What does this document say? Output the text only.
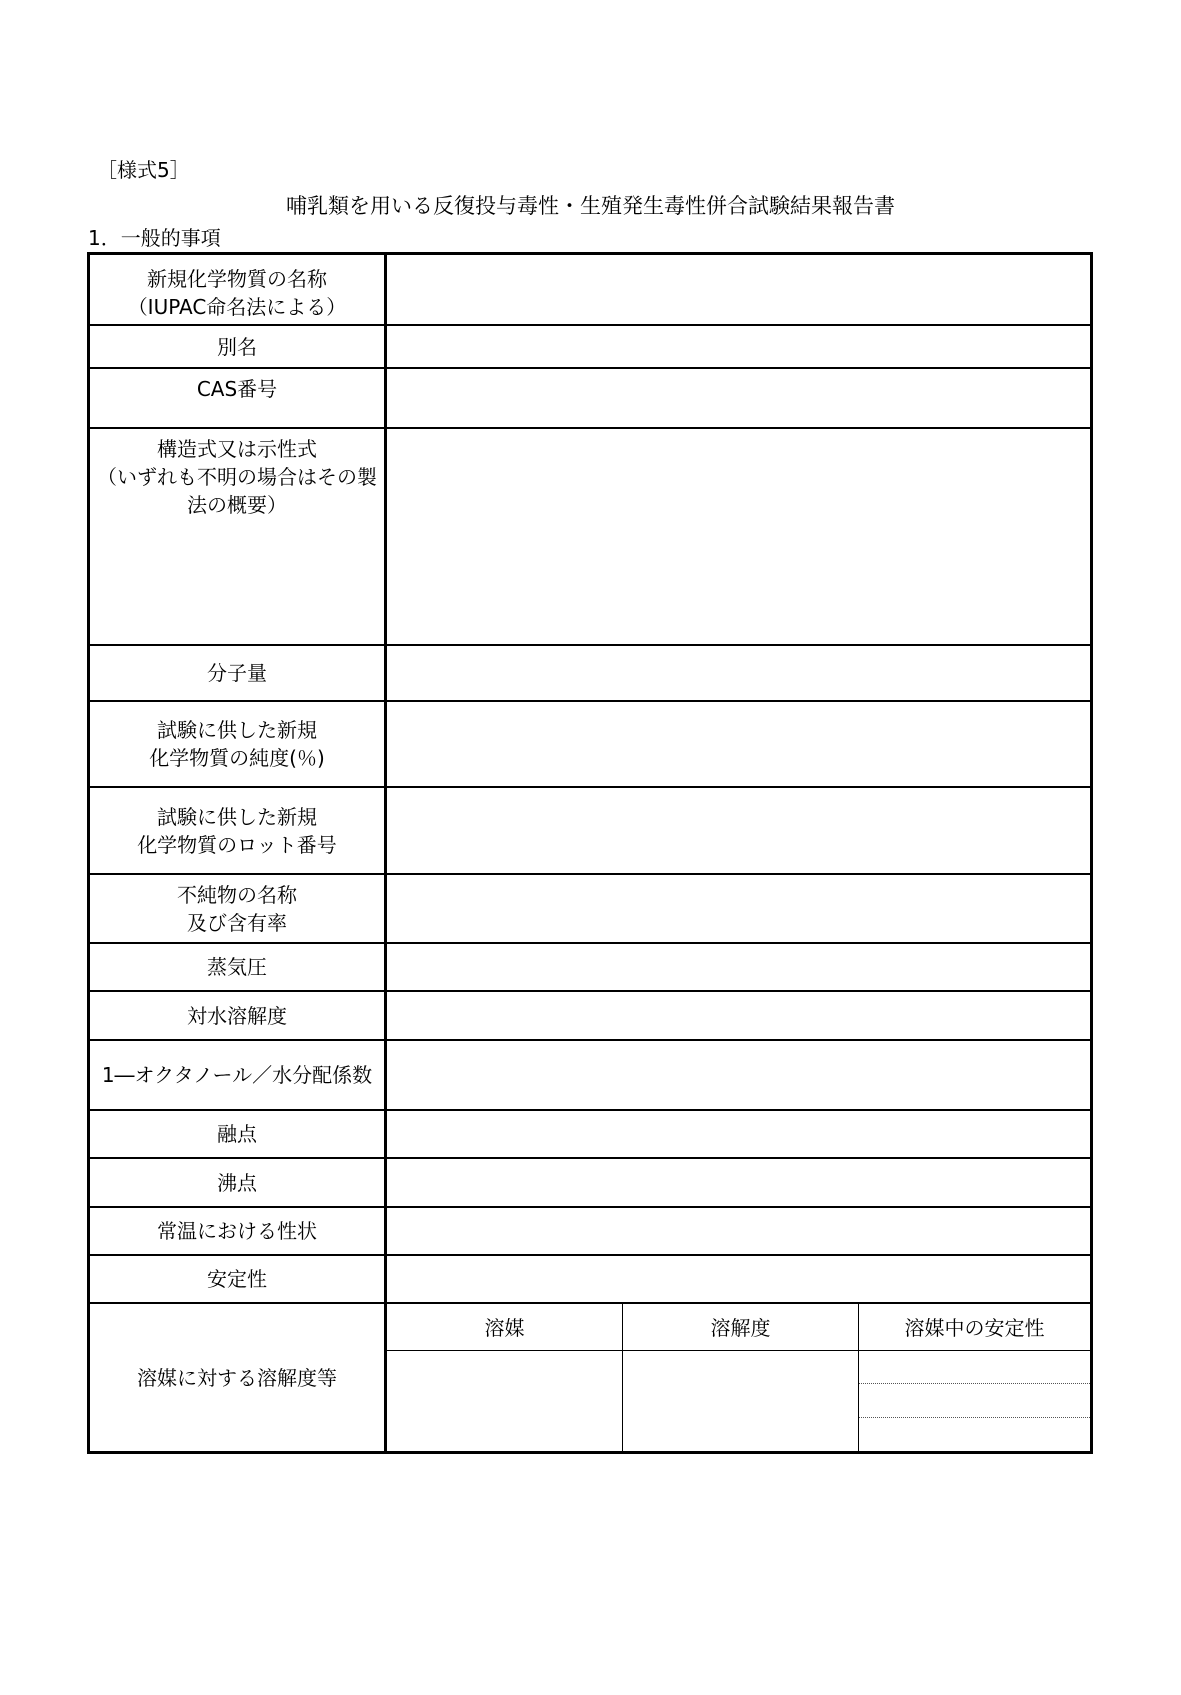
［様式5］
哺乳類を用いる反復投与毒性・生殖発生毒性併合試験結果報告書
1．一般的事項
新規化学物質の名称
（IUPAC命名法による）
別名
CAS番号
構造式又は示性式
（いずれも不明の場合はその製法の概要）
分子量
試験に供した新規
化学物質の純度(％)
試験に供した新規
化学物質のロット番号
不純物の名称
及び含有率
蒸気圧
対水溶解度
1―オクタノール／水分配係数
融点
沸点
常温における性状
安定性
溶媒に対する溶解度等
溶媒	溶解度	溶媒中の安定性
